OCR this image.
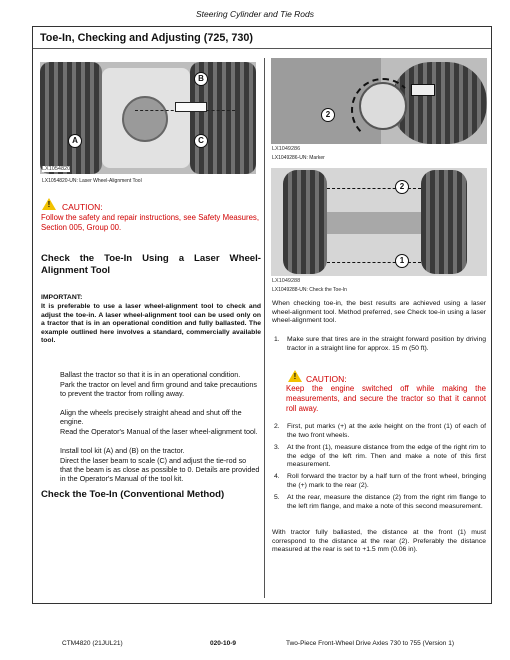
Steering Cylinder and Tie Rods
Toe-In, Checking and Adjusting (725, 730)
A
B
C
LX1054820
LX1054820-UN: Laser Wheel-Alignment Tool
!	CAUTION:
Follow the safety and repair instructions, see Safety Measures, Section 005, Group 00.
Check the Toe-In Using a Laser Wheel-Alignment Tool
IMPORTANT:
It is preferable to use a laser wheel-alignment tool to check and adjust the toe-in. A laser wheel-alignment tool can be used only on a tractor that is in an operational condition and fully ballasted. The example outlined here involves a standard, commercially available tool.
Ballast the tractor so that it is in an operational condition.
Park the tractor on level and firm ground and take precautions to prevent the tractor from rolling away.
Align the wheels precisely straight ahead and shut off the engine.
Read the Operator's Manual of the laser wheel-alignment tool.
Install tool kit (A) and (B) on the tractor.
Direct the laser beam to scale (C) and adjust the tie-rod so that the beam is as close as possible to 0. Details are provided in the Operator's Manual of the tool kit.
Check the Toe-In (Conventional Method)
2
LX1049286
LX1049286-UN: Marker
2
1
LX1049288
LX1049288-UN: Check the Toe-In
When checking toe-in, the best results are achieved using a laser wheel-alignment tool. Method preferred, see Check toe-in using a laser wheel-alignment tool.
1.	Make sure that tires are in the straight forward position by driving tractor in a straight line for approx. 15 m (50 ft).
!	CAUTION:
Keep the engine switched off while making the measurements, and secure the tractor so that it cannot roll away.
2.	First, put marks (+) at the axle height on the front (1) of each of the two front wheels.
3.	At the front (1), measure distance from the edge of the right rim to the edge of the left rim. Then and make a note of this first measurement.
4.	Roll forward the tractor by a half turn of the front wheel, bringing the (+) mark to the rear (2).
5.	At the rear, measure the distance (2) from the right rim flange to the left rim flange, and make a note of this second measurement.
With tractor fully ballasted, the distance at the front (1) must correspond to the distance at the rear (2). Preferably the distance measured at the rear is set to +1.5 mm (0.06 in).
CTM4820 (21JUL21)	020-10-9	Two-Piece Front-Wheel Drive Axles 730 to 755 (Version 1)
